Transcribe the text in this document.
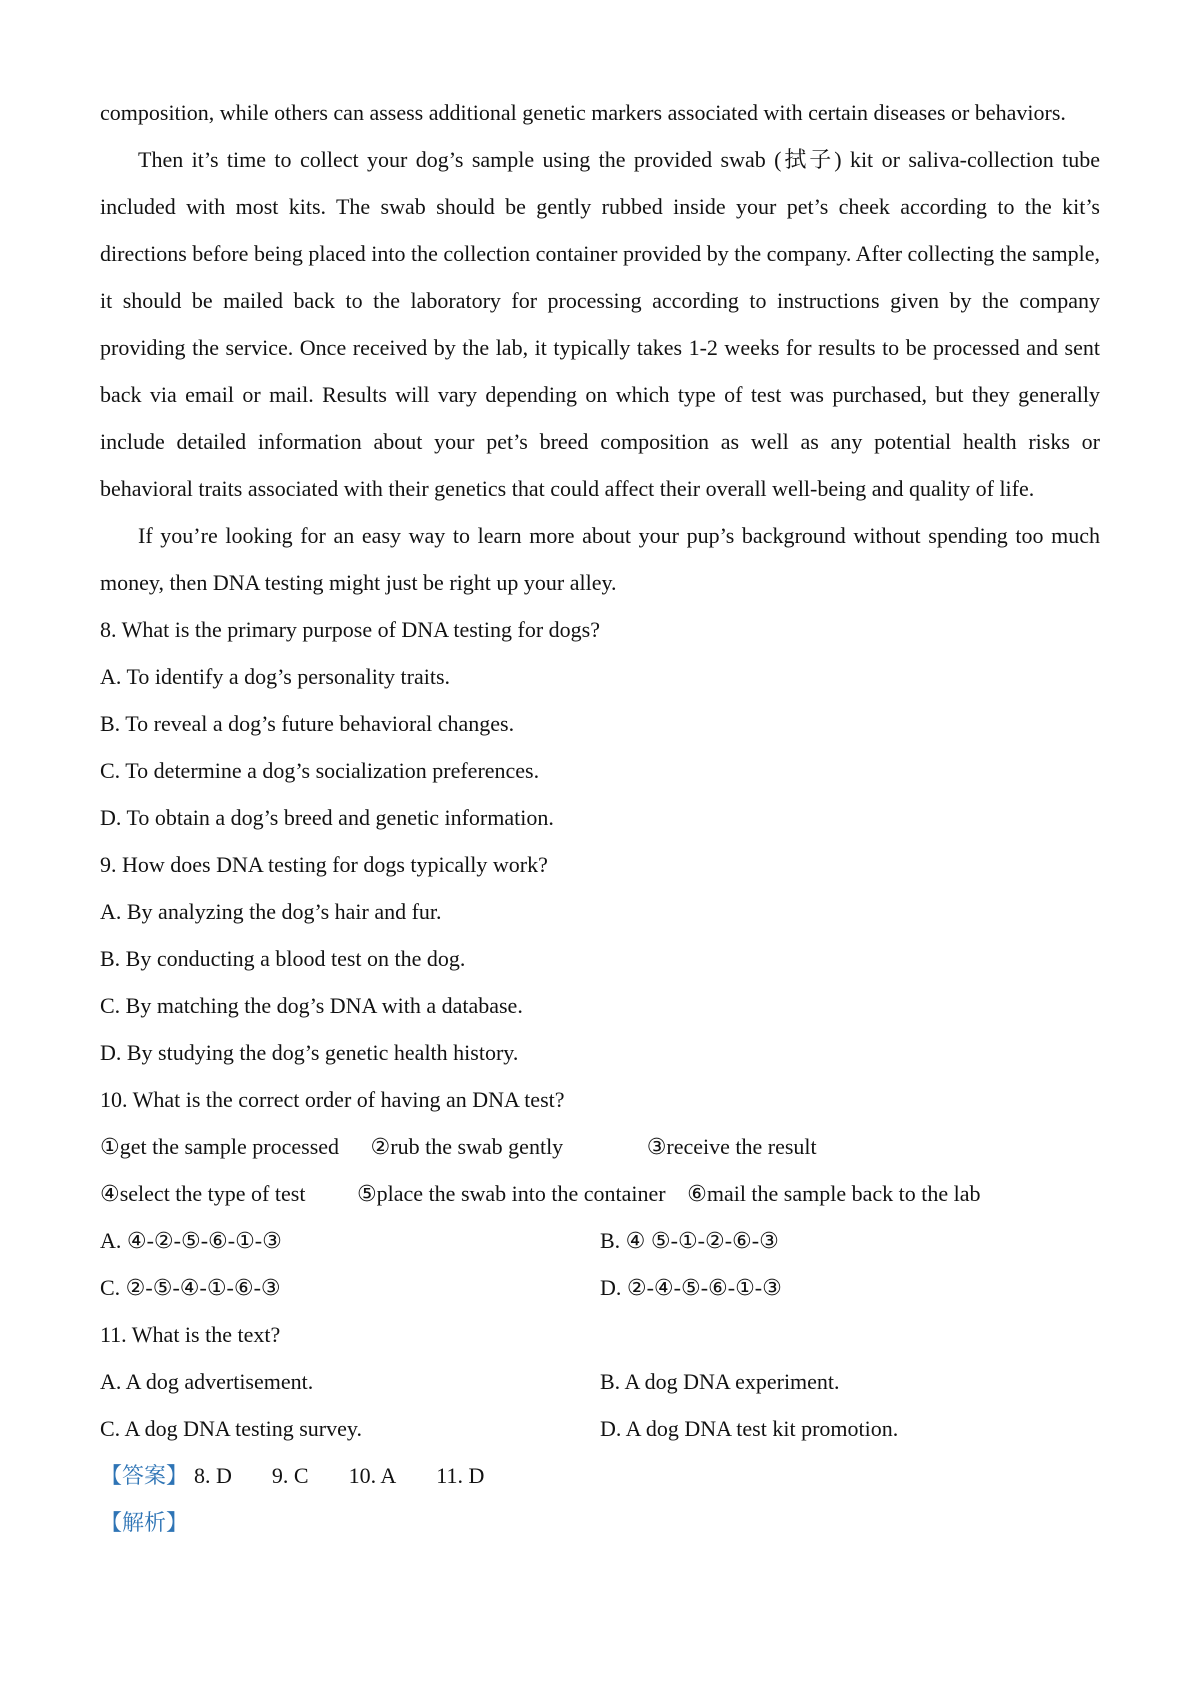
composition, while others can assess additional genetic markers associated with certain diseases or behaviors.

Then it’s time to collect your dog’s sample using the provided swab (拭子) kit or saliva-collection tube included with most kits. The swab should be gently rubbed inside your pet’s cheek according to the kit’s directions before being placed into the collection container provided by the company. After collecting the sample, it should be mailed back to the laboratory for processing according to instructions given by the company providing the service. Once received by the lab, it typically takes 1-2 weeks for results to be processed and sent back via email or mail. Results will vary depending on which type of test was purchased, but they generally include detailed information about your pet’s breed composition as well as any potential health risks or behavioral traits associated with their genetics that could affect their overall well-being and quality of life.

If you’re looking for an easy way to learn more about your pup’s background without spending too much money, then DNA testing might just be right up your alley.

8. What is the primary purpose of DNA testing for dogs?
A. To identify a dog’s personality traits.
B. To reveal a dog’s future behavioral changes.
C. To determine a dog’s socialization preferences.
D. To obtain a dog’s breed and genetic information.
9. How does DNA testing for dogs typically work?
A. By analyzing the dog’s hair and fur.
B. By conducting a blood test on the dog.
C. By matching the dog’s DNA with a database.
D. By studying the dog’s genetic health history.
10. What is the correct order of having an DNA test?
①get the sample processed ②rub the swab gently	③receive the result
④select the type of test ⑤place the swab into the container ⑥mail the sample back to the lab
A. ④-②-⑤-⑥-①-③	B. ④ ⑤-①-②-⑥-③
C. ②-⑤-④-①-⑥-③	D. ②-④-⑤-⑥-①-③
11. What is the text?
A. A dog advertisement.	B. A dog DNA experiment.
C. A dog DNA testing survey.	D. A dog DNA test kit promotion.
【答案】 8. D 9. C 10. A 11. D
【解析】
